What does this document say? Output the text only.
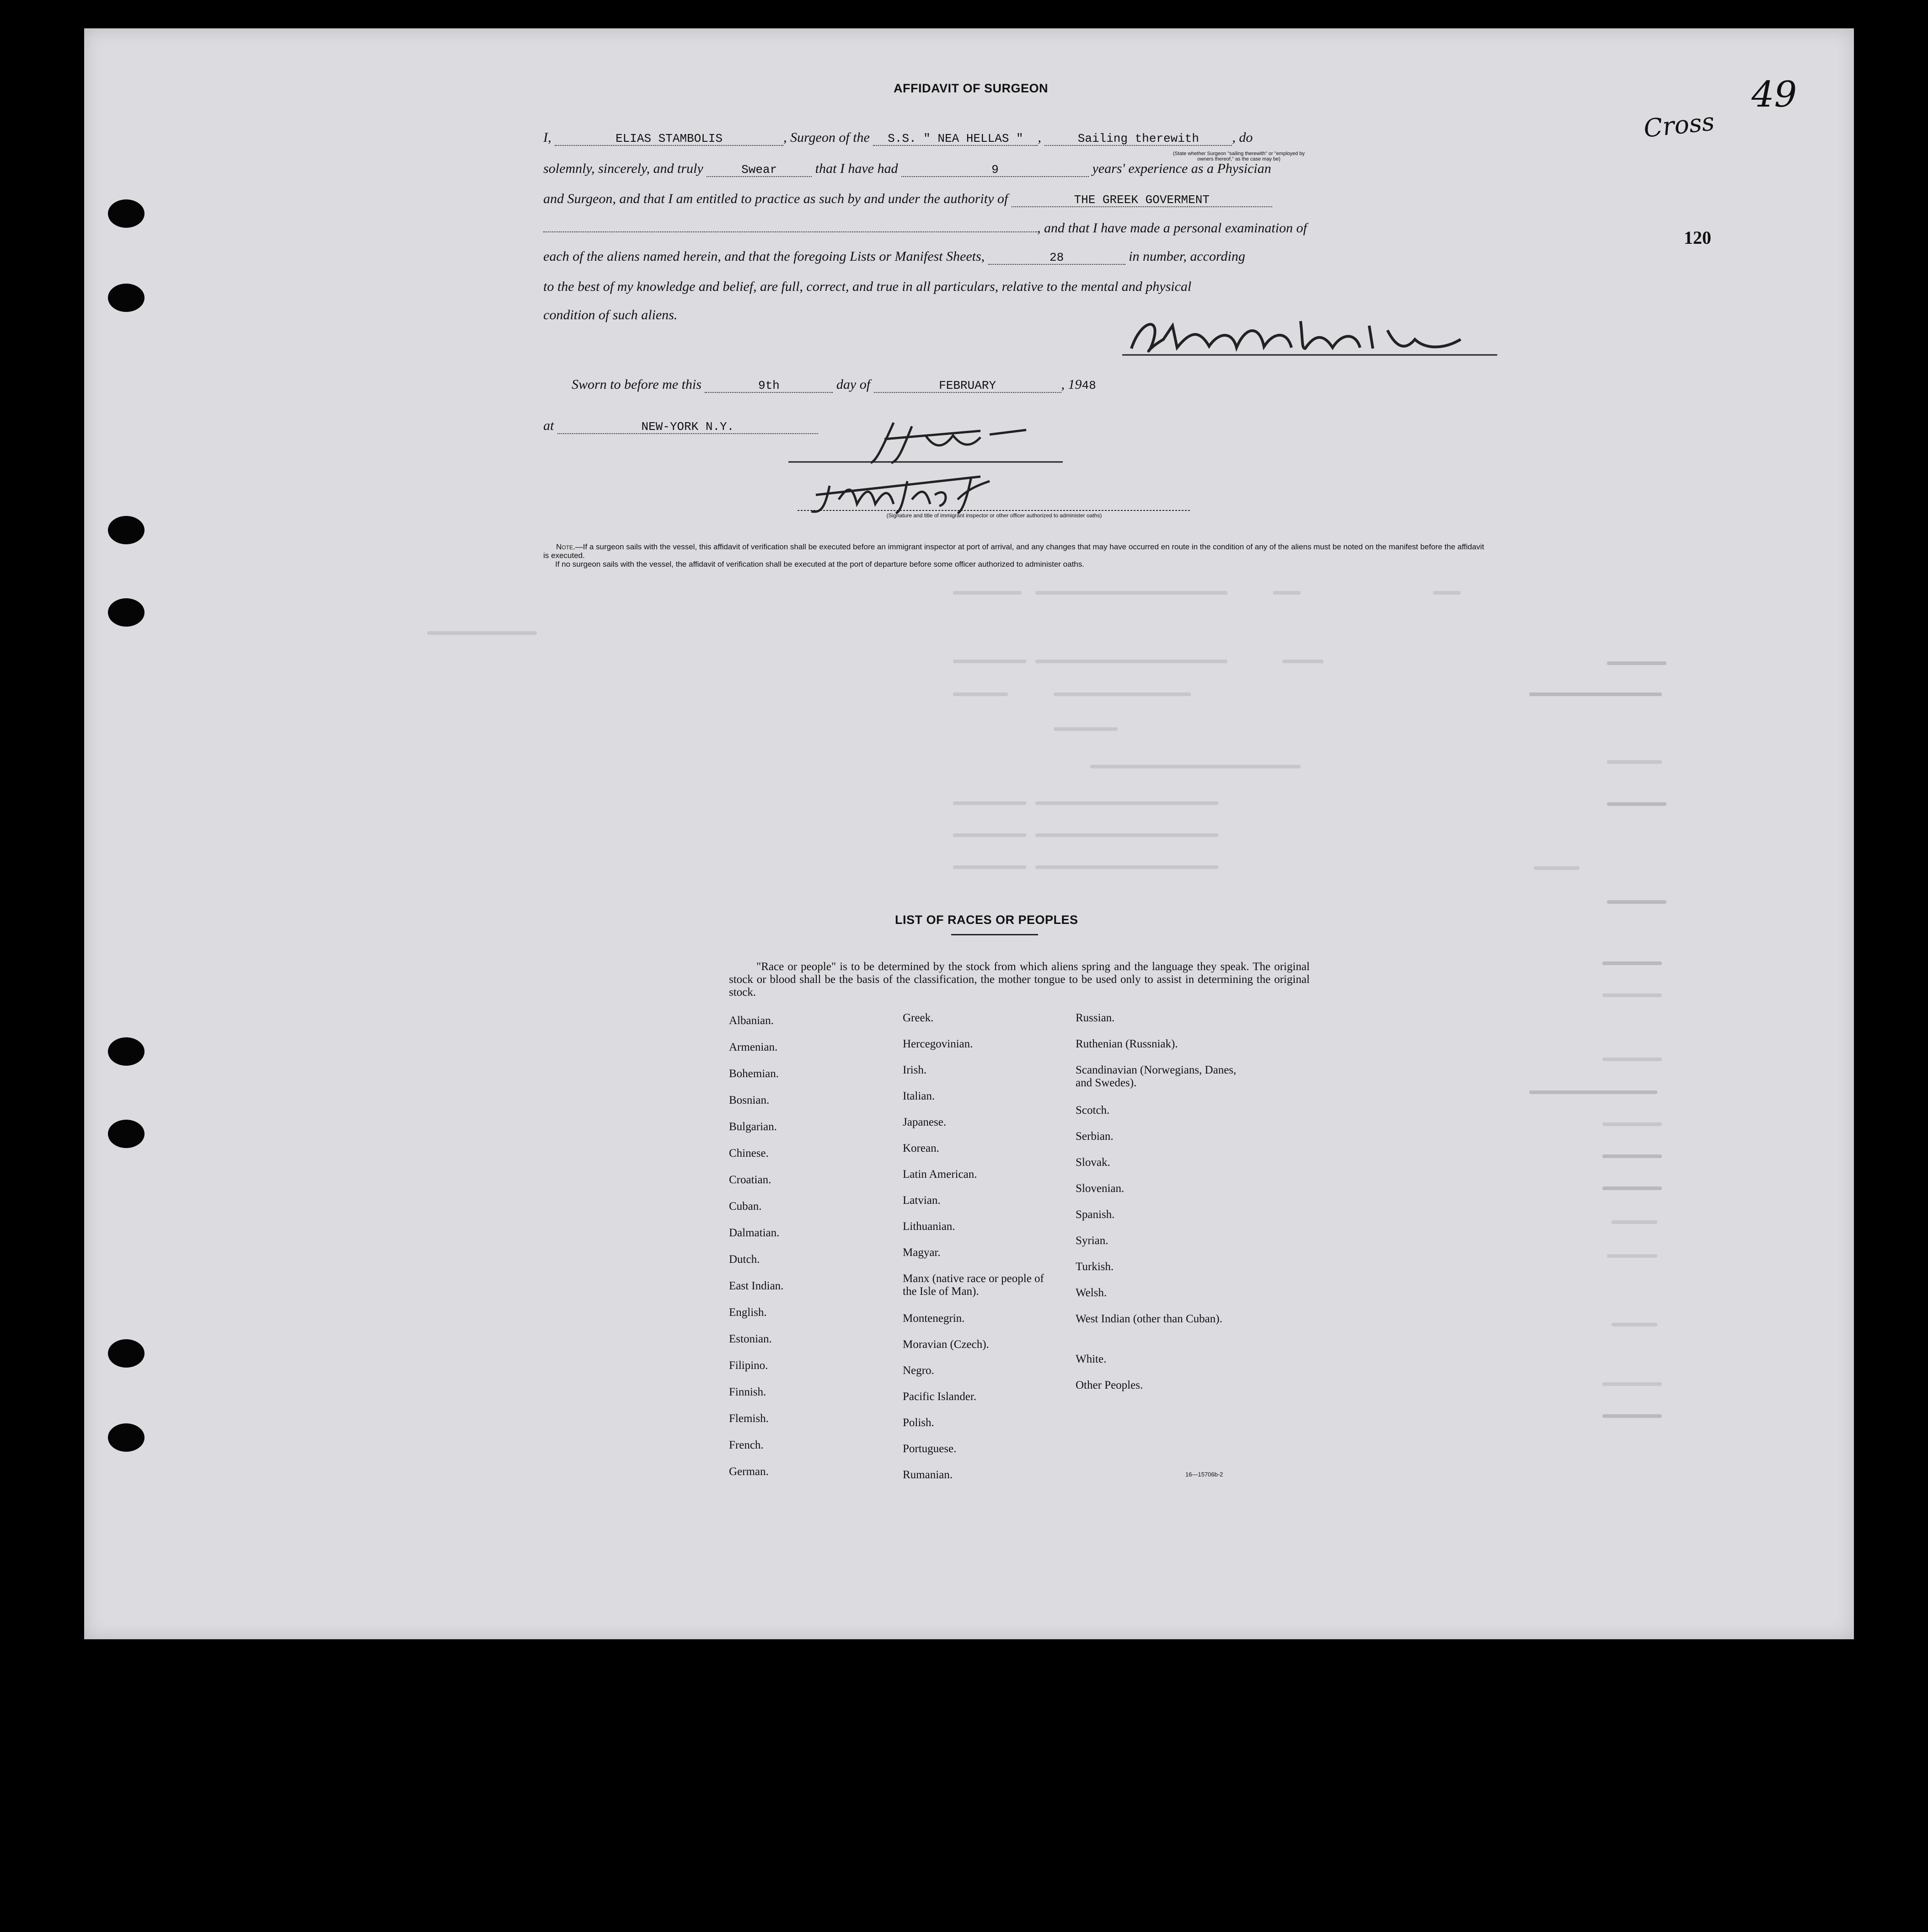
Cross
49
120
AFFIDAVIT OF SURGEON
I,	ELIAS STAMBOLIS	, Surgeon of the S.S. " NEA HELLAS " ,	Sailing therewith , do
(State whether Surgeon "sailing therewith" or "employed by owners thereof," as the case may be)
solemnly, sincerely, and truly	Swear	that I have had	9	years' experience as a Physician
and Surgeon, and that I am entitled to practice as such by and under the authority of	THE GREEK GOVERMENT
, and that I have made a personal examination of
each of the aliens named herein, and that the foregoing Lists or Manifest Sheets,	28	in number, according
to the best of my knowledge and belief, are full, correct, and true in all particulars, relative to the mental and physical
condition of such aliens.
Sworn to before me this	9th	day of	FEBRUARY	, 1948
at	NEW-YORK N.Y.
(Signature and title of immigrant inspector or other officer authorized to administer oaths)
Note.—If a surgeon sails with the vessel, this affidavit of verification shall be executed before an immigrant inspector at port of arrival, and any changes that may have occurred en route in the condition of any of the aliens must be noted on the manifest before the affidavit is executed.
If no surgeon sails with the vessel, the affidavit of verification shall be executed at the port of departure before some officer authorized to administer oaths.
LIST OF RACES OR PEOPLES
"Race or people" is to be determined by the stock from which aliens spring and the language they speak. The original stock or blood shall be the basis of the classification, the mother tongue to be used only to assist in determining the original stock.
Albanian.
Armenian.
Bohemian.
Bosnian.
Bulgarian.
Chinese.
Croatian.
Cuban.
Dalmatian.
Dutch.
East Indian.
English.
Estonian.
Filipino.
Finnish.
Flemish.
French.
German.
Greek.
Hercegovinian.
Irish.
Italian.
Japanese.
Korean.
Latin American.
Latvian.
Lithuanian.
Magyar.
Manx (native race or people of the Isle of Man).
Montenegrin.
Moravian (Czech).
Negro.
Pacific Islander.
Polish.
Portuguese.
Rumanian.
Russian.
Ruthenian (Russniak).
Scandinavian (Norwegians, Danes, and Swedes).
Scotch.
Serbian.
Slovak.
Slovenian.
Spanish.
Syrian.
Turkish.
Welsh.
West Indian (other than Cuban).
White.
Other Peoples.
16—15706b-2
